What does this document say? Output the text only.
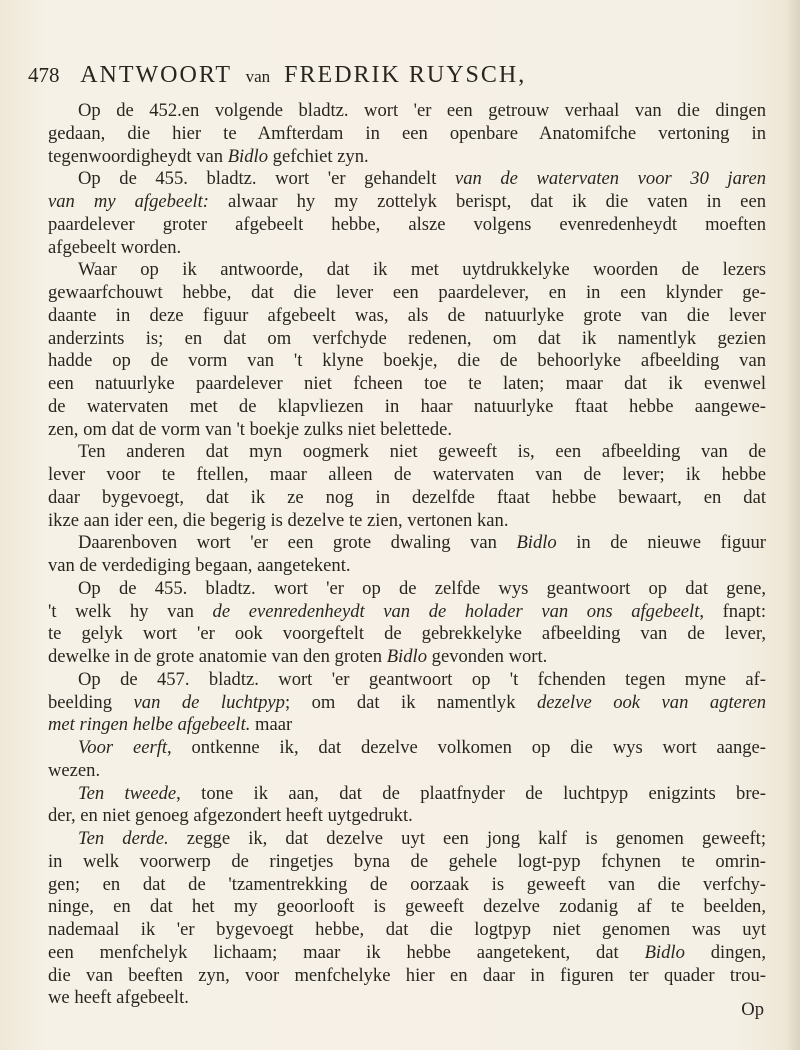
478 ANTWOORT van FREDRIK RUYSCH,
Op de 452.en volgende bladtz. wort 'er een getrouw verhaal van die dingen
gedaan, die hier te Amfterdam in een openbare Anatomifche vertoning in
tegenwoordigheydt van Bidlo gefchiet zyn.
Op de 455. bladtz. wort 'er gehandelt van de watervaten voor 30 jaren
van my afgebeelt: alwaar hy my zottelyk berispt, dat ik die vaten in een
paardelever groter afgebeelt hebbe, alsze volgens evenredenheydt moeften
afgebeelt worden.
Waar op ik antwoorde, dat ik met uytdrukkelyke woorden de lezers
gewaarfchouwt hebbe, dat die lever een paardelever, en in een klynder ge-
daante in deze figuur afgebeelt was, als de natuurlyke grote van die lever
anderzints is; en dat om verfchyde redenen, om dat ik namentlyk gezien
hadde op de vorm van 't klyne boekje, die de behoorlyke afbeelding van
een natuurlyke paardelever niet fcheen toe te laten; maar dat ik evenwel
de watervaten met de klapvliezen in haar natuurlyke ftaat hebbe aangewe-
zen, om dat de vorm van 't boekje zulks niet belettede.
Ten anderen dat myn oogmerk niet geweeft is, een afbeelding van de
lever voor te ftellen, maar alleen de watervaten van de lever; ik hebbe
daar bygevoegt, dat ik ze nog in dezelfde ftaat hebbe bewaart, en dat
ikze aan ider een, die begerig is dezelve te zien, vertonen kan.
Daarenboven wort 'er een grote dwaling van Bidlo in de nieuwe figuur
van de verdediging begaan, aangetekent.
Op de 455. bladtz. wort 'er op de zelfde wys geantwoort op dat gene,
't welk hy van de evenredenheydt van de holader van ons afgebeelt, fnapt:
te gelyk wort 'er ook voorgeftelt de gebrekkelyke afbeelding van de lever,
dewelke in de grote anatomie van den groten Bidlo gevonden wort.
Op de 457. bladtz. wort 'er geantwoort op 't fchenden tegen myne af-
beelding van de luchtpyp; om dat ik namentlyk dezelve ook van agteren
met ringen helbe afgebeelt. maar
Voor eerft, ontkenne ik, dat dezelve volkomen op die wys wort aange-
wezen.
Ten tweede, tone ik aan, dat de plaatfnyder de luchtpyp enigzints bre-
der, en niet genoeg afgezondert heeft uytgedrukt.
Ten derde. zegge ik, dat dezelve uyt een jong kalf is genomen geweeft;
in welk voorwerp de ringetjes byna de gehele logt-pyp fchynen te omrin-
gen; en dat de 'tzamentrekking de oorzaak is geweeft van die verfchy-
ninge, en dat het my geoorlooft is geweeft dezelve zodanig af te beelden,
nademaal ik 'er bygevoegt hebbe, dat die logtpyp niet genomen was uyt
een menfchelyk lichaam; maar ik hebbe aangetekent, dat Bidlo dingen,
die van beeften zyn, voor menfchelyke hier en daar in figuren ter quader trou-
we heeft afgebeelt.
Op
